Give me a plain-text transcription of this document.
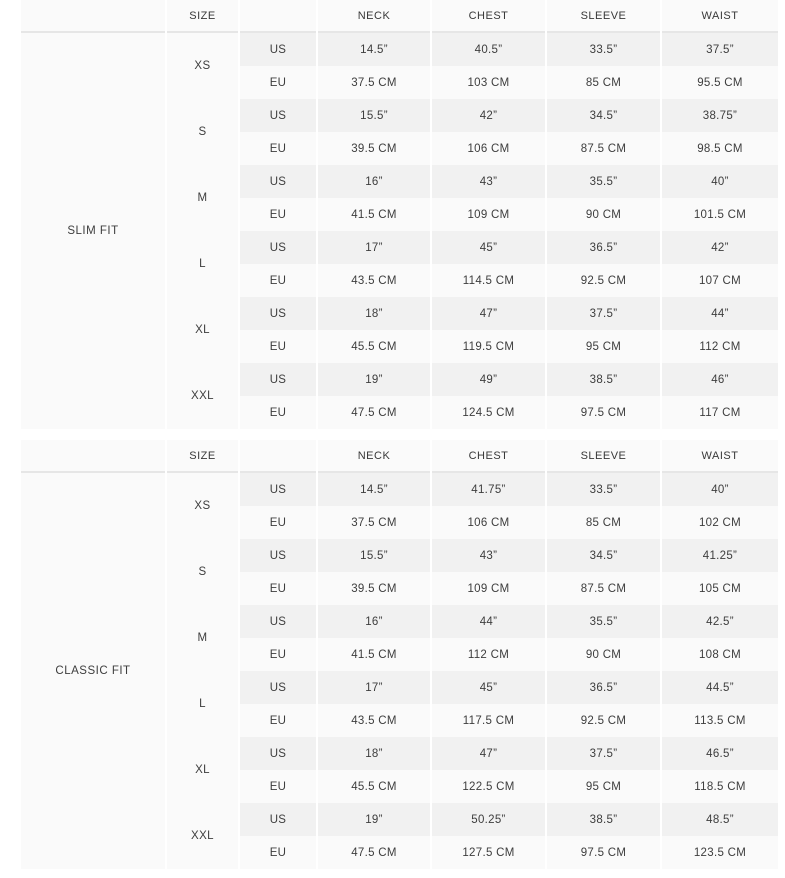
	SIZE		NECK	CHEST	SLEEVE	WAIST
SLIM FIT	XS	US	14.5”	40.5”	33.5”	37.5”
		EU	37.5 CM	103 CM	85 CM	95.5 CM
	S	US	15.5”	42”	34.5”	38.75”
		EU	39.5 CM	106 CM	87.5 CM	98.5 CM
	M	US	16”	43”	35.5”	40”
		EU	41.5 CM	109 CM	90 CM	101.5 CM
	L	US	17”	45”	36.5”	42”
		EU	43.5 CM	114.5 CM	92.5 CM	107 CM
	XL	US	18”	47”	37.5”	44”
		EU	45.5 CM	119.5 CM	95 CM	112 CM
	XXL	US	19”	49”	38.5”	46”
		EU	47.5 CM	124.5 CM	97.5 CM	117 CM
	SIZE		NECK	CHEST	SLEEVE	WAIST
CLASSIC FIT	XS	US	14.5”	41.75”	33.5”	40”
		EU	37.5 CM	106 CM	85 CM	102 CM
	S	US	15.5”	43”	34.5”	41.25”
		EU	39.5 CM	109 CM	87.5 CM	105 CM
	M	US	16”	44”	35.5”	42.5”
		EU	41.5 CM	112 CM	90 CM	108 CM
	L	US	17”	45”	36.5”	44.5”
		EU	43.5 CM	117.5 CM	92.5 CM	113.5 CM
	XL	US	18”	47”	37.5”	46.5”
		EU	45.5 CM	122.5 CM	95 CM	118.5 CM
	XXL	US	19”	50.25”	38.5”	48.5”
		EU	47.5 CM	127.5 CM	97.5 CM	123.5 CM
